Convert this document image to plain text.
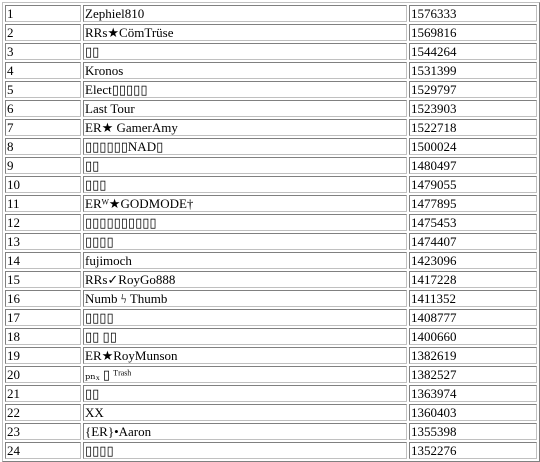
1	Zephiel810	1576333
2	RRs★CömTrüse	1569816
3	▯▯	1544264
4	Kronos	1531399
5	Elect▯▯▯▯▯	1529797
6	Last Tour	1523903
7	ER★ GamerAmy	1522718
8	▯▯▯▯▯▯NAD▯	1500024
9	▯▯	1480497
10	▯▯▯	1479055
11	ERᵂ★GODMODE†	1477895
12	▯▯▯▯▯▯▯▯▯▯	1475453
13	▯▯▯▯	1474407
14	fujimoch	1423096
15	RRs✓RoyGo888	1417228
16	Numb ϟ Thumb	1411352
17	▯▯▯▯	1408777
18	▯▯ ▯▯	1400660
19	ER★RoyMunson	1382619
20	ₚₙₓ ▯ ᵀʳᵃˢʰ	1382527
21	▯▯	1363974
22	XX	1360403
23	{ER}•Aaron	1355398
24	▯▯▯▯	1352276
